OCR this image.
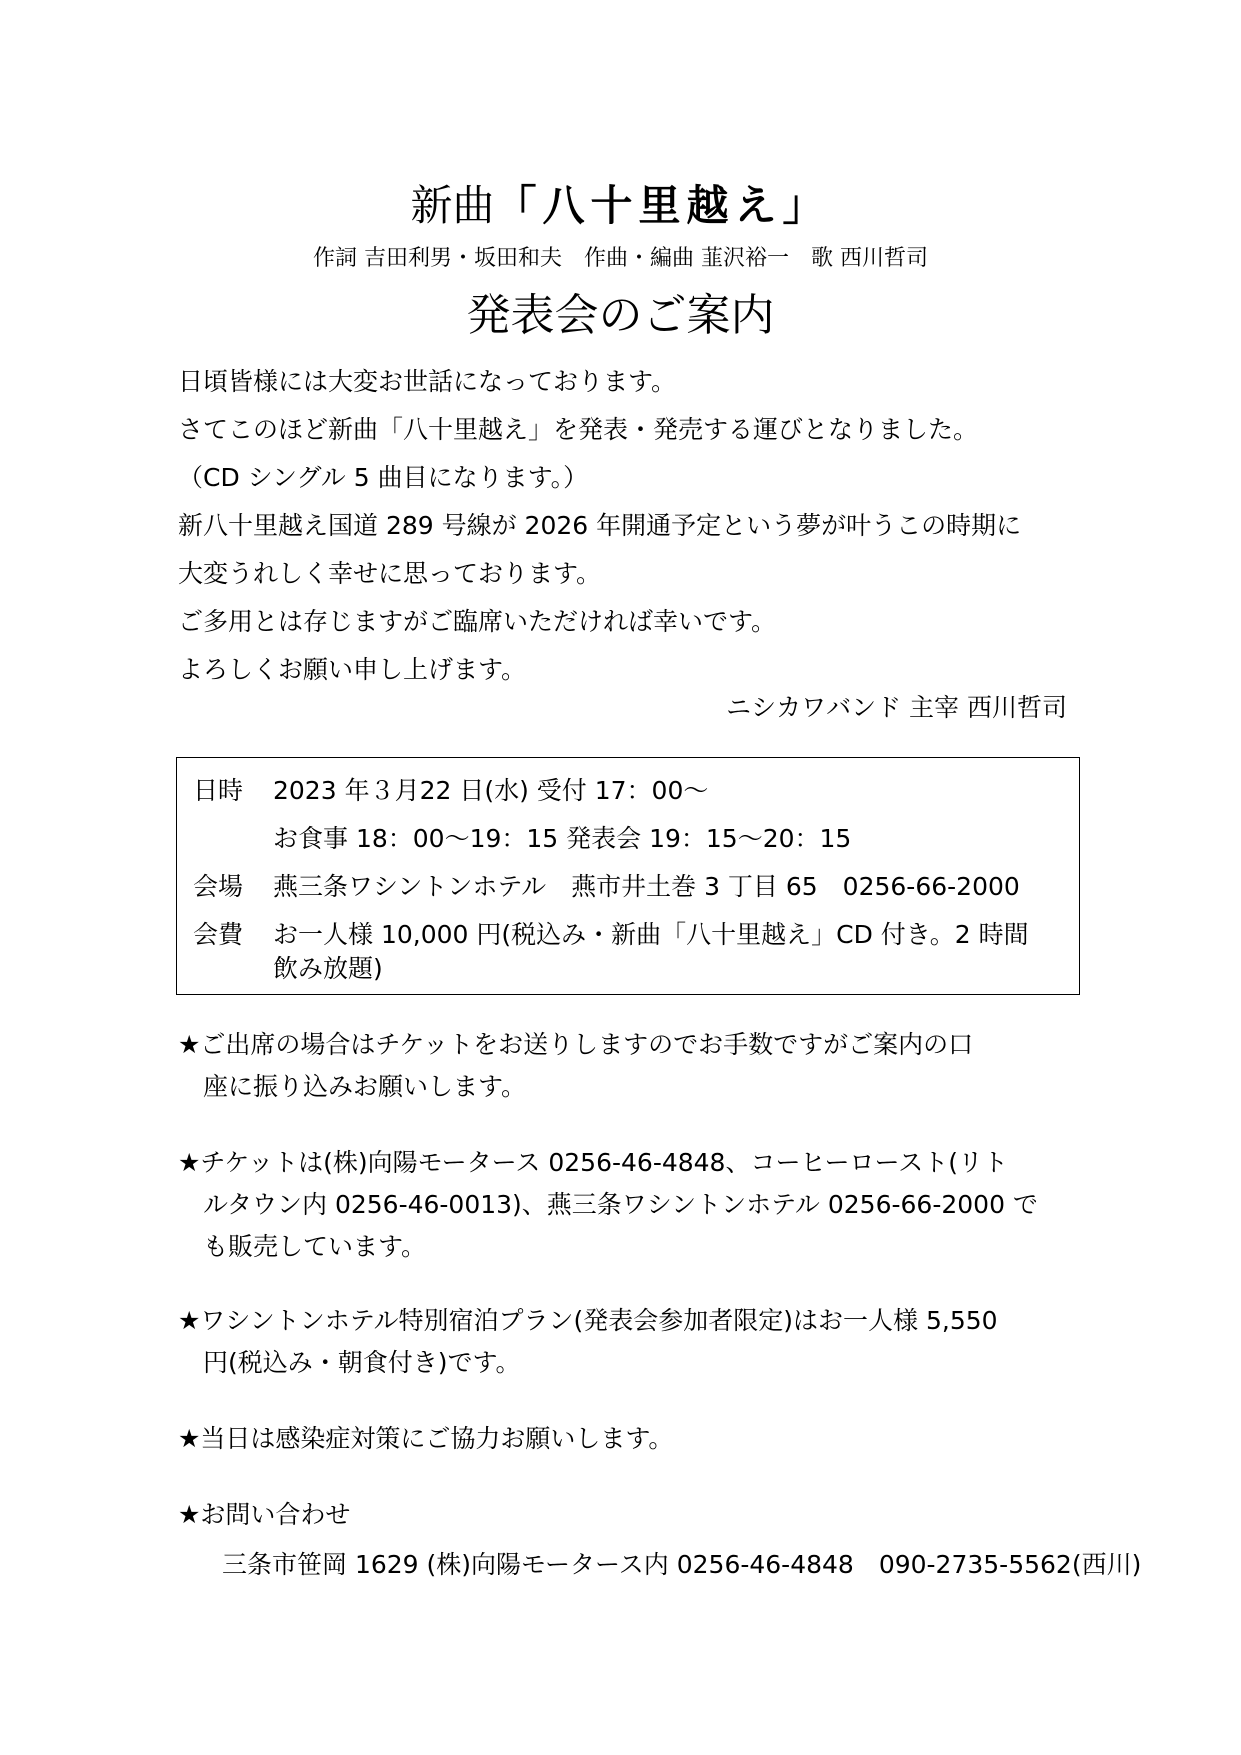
新曲「八十里越え」
作詞 吉田利男・坂田和夫　作曲・編曲 韮沢裕一　歌 西川哲司
発表会のご案内
日頃皆様には大変お世話になっております。
さてこのほど新曲「八十里越え」を発表・発売する運びとなりました。
（CD シングル 5 曲目になります。）
新八十里越え国道 289 号線が 2026 年開通予定という夢が叶うこの時期に
大変うれしく幸せに思っております。
ご多用とは存じますがご臨席いただければ幸いです。
よろしくお願い申し上げます。
ニシカワバンド 主宰 西川哲司
日時 2023 年３月22 日(水) 受付 17：00～
お食事 18：00～19：15 発表会 19：15～20：15
会場 燕三条ワシントンホテル　燕市井土巻 3 丁目 65　0256-66-2000
会費 お一人様 10,000 円(税込み・新曲「八十里越え」CD 付き。2 時間
飲み放題)
★ご出席の場合はチケットをお送りしますのでお手数ですがご案内の口
座に振り込みお願いします。
★チケットは(株)向陽モータース 0256-46-4848、コーヒーロースト(リト
ルタウン内 0256-46-0013)、燕三条ワシントンホテル 0256-66-2000 で
も販売しています。
★ワシントンホテル特別宿泊プラン(発表会参加者限定)はお一人様 5,550
円(税込み・朝食付き)です。
★当日は感染症対策にご協力お願いします。
★お問い合わせ
三条市笹岡 1629 (株)向陽モータース内 0256-46-4848　090-2735-5562(西川)
